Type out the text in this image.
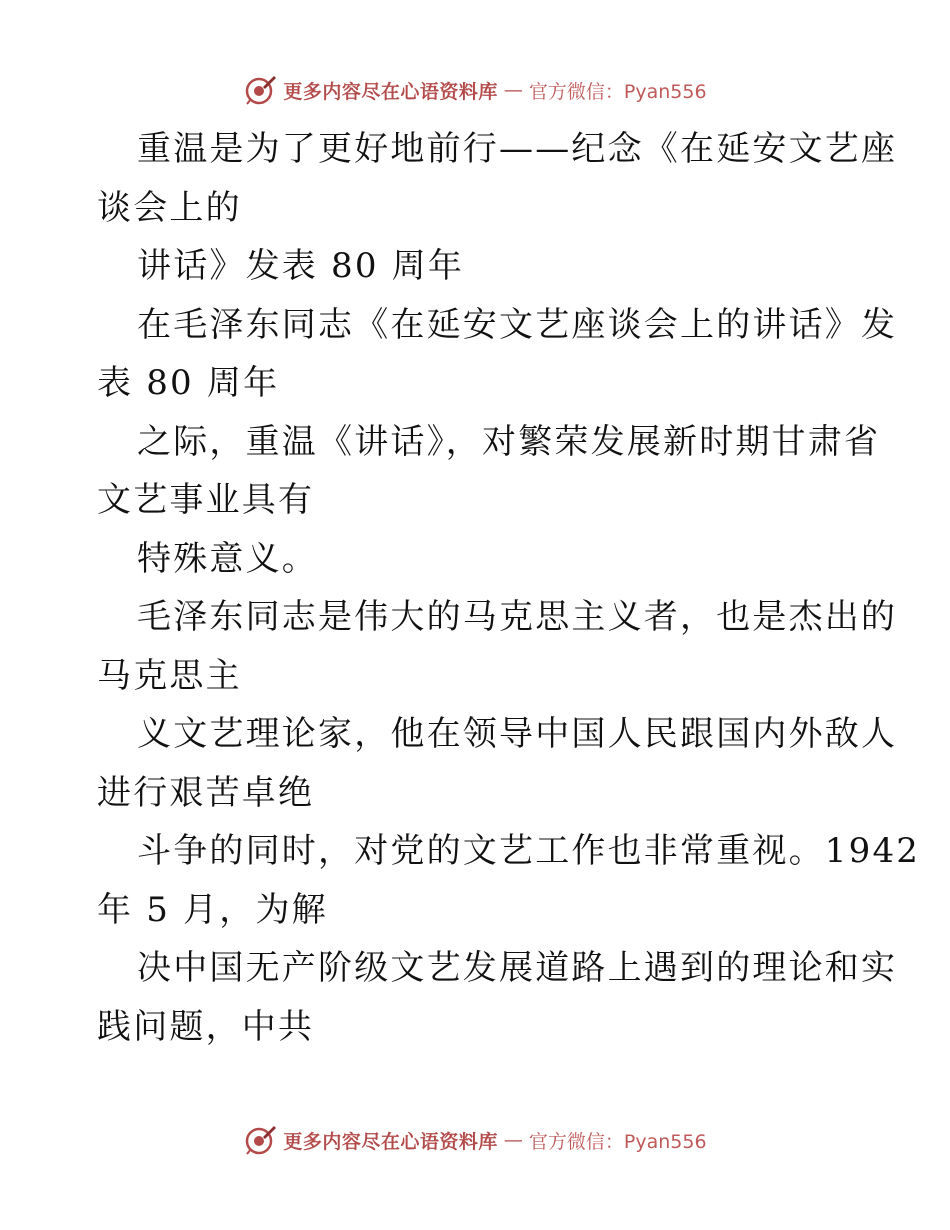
更多内容尽在心语资料库 — 官方微信：Pyan556
重温是为了更好地前行——纪念《在延安文艺座
谈会上的
讲话》发表 80 周年
在毛泽东同志《在延安文艺座谈会上的讲话》发
表 80 周年
之际，重温《讲话》，对繁荣发展新时期甘肃省
文艺事业具有
特殊意义。
毛泽东同志是伟大的马克思主义者，也是杰出的
马克思主
义文艺理论家，他在领导中国人民跟国内外敌人
进行艰苦卓绝
斗争的同时，对党的文艺工作也非常重视。1942
年 5 月，为解
决中国无产阶级文艺发展道路上遇到的理论和实
践问题，中共
更多内容尽在心语资料库 — 官方微信：Pyan556
